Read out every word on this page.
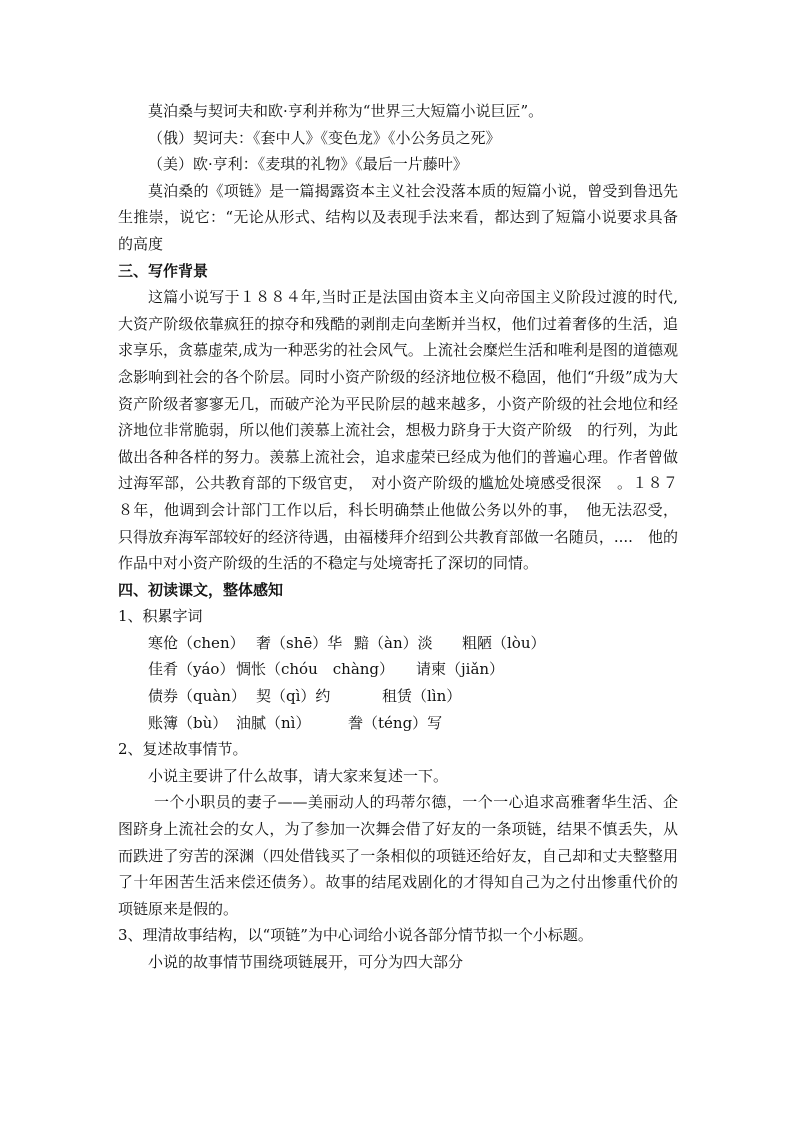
莫泊桑与契诃夫和欧·亨利并称为“世界三大短篇小说巨匠”。

（俄）契诃夫：《套中人》《变色龙》《小公务员之死》

（美）欧·亨利：《麦琪的礼物》《最后一片藤叶》

莫泊桑的《项链》是一篇揭露资本主义社会没落本质的短篇小说，曾受到鲁迅先生推崇，说它：“无论从形式、结构以及表现手法来看，都达到了短篇小说要求具备的高度

三、写作背景

这篇小说写于１８８４年,当时正是法国由资本主义向帝国主义阶段过渡的时代,大资产阶级依靠疯狂的掠夺和残酷的剥削走向垄断并当权，他们过着奢侈的生活，追求享乐，贪慕虚荣,成为一种恶劣的社会风气。上流社会糜烂生活和唯利是图的道德观念影响到社会的各个阶层。同时小资产阶级的经济地位极不稳固，他们“升级”成为大资产阶级者寥寥无几，而破产沦为平民阶层的越来越多，小资产阶级的社会地位和经济地位非常脆弱，所以他们羡慕上流社会，想极力跻身于大资产阶级　的行列，为此做出各种各样的努力。羡慕上流社会，追求虚荣已经成为他们的普遍心理。作者曾做过海军部，公共教育部的下级官吏，　对小资产阶级的尴尬处境感受很深　。１８７８年，他调到会计部门工作以后，科长明确禁止他做公务以外的事，　他无法忍受，只得放弃海军部较好的经济待遇，由福楼拜介绍到公共教育部做一名随员，....　他的作品中对小资产阶级的生活的不稳定与处境寄托了深切的同情。

四、初读课文，整体感知

1、积累字词

寒伧（chen） 奢（shē）华 黯（àn）淡 粗陋（lòu）

佳肴（yáo） 惆怅（chóu　chàng） 请柬（jiǎn）

债券（quàn） 契（qì）约	租赁（lìn）

账簿（bù） 油腻（nì）	誊（téng）写

2、复述故事情节。

小说主要讲了什么故事，请大家来复述一下。

一个小职员的妻子——美丽动人的玛蒂尔德，一个一心追求高雅奢华生活、企图跻身上流社会的女人，为了参加一次舞会借了好友的一条项链，结果不慎丢失，从而跌进了穷苦的深渊（四处借钱买了一条相似的项链还给好友，自己却和丈夫整整用了十年困苦生活来偿还债务）。故事的结尾戏剧化的才得知自己为之付出惨重代价的项链原来是假的。

3、理清故事结构，以“项链”为中心词给小说各部分情节拟一个小标题。

小说的故事情节围绕项链展开，可分为四大部分
